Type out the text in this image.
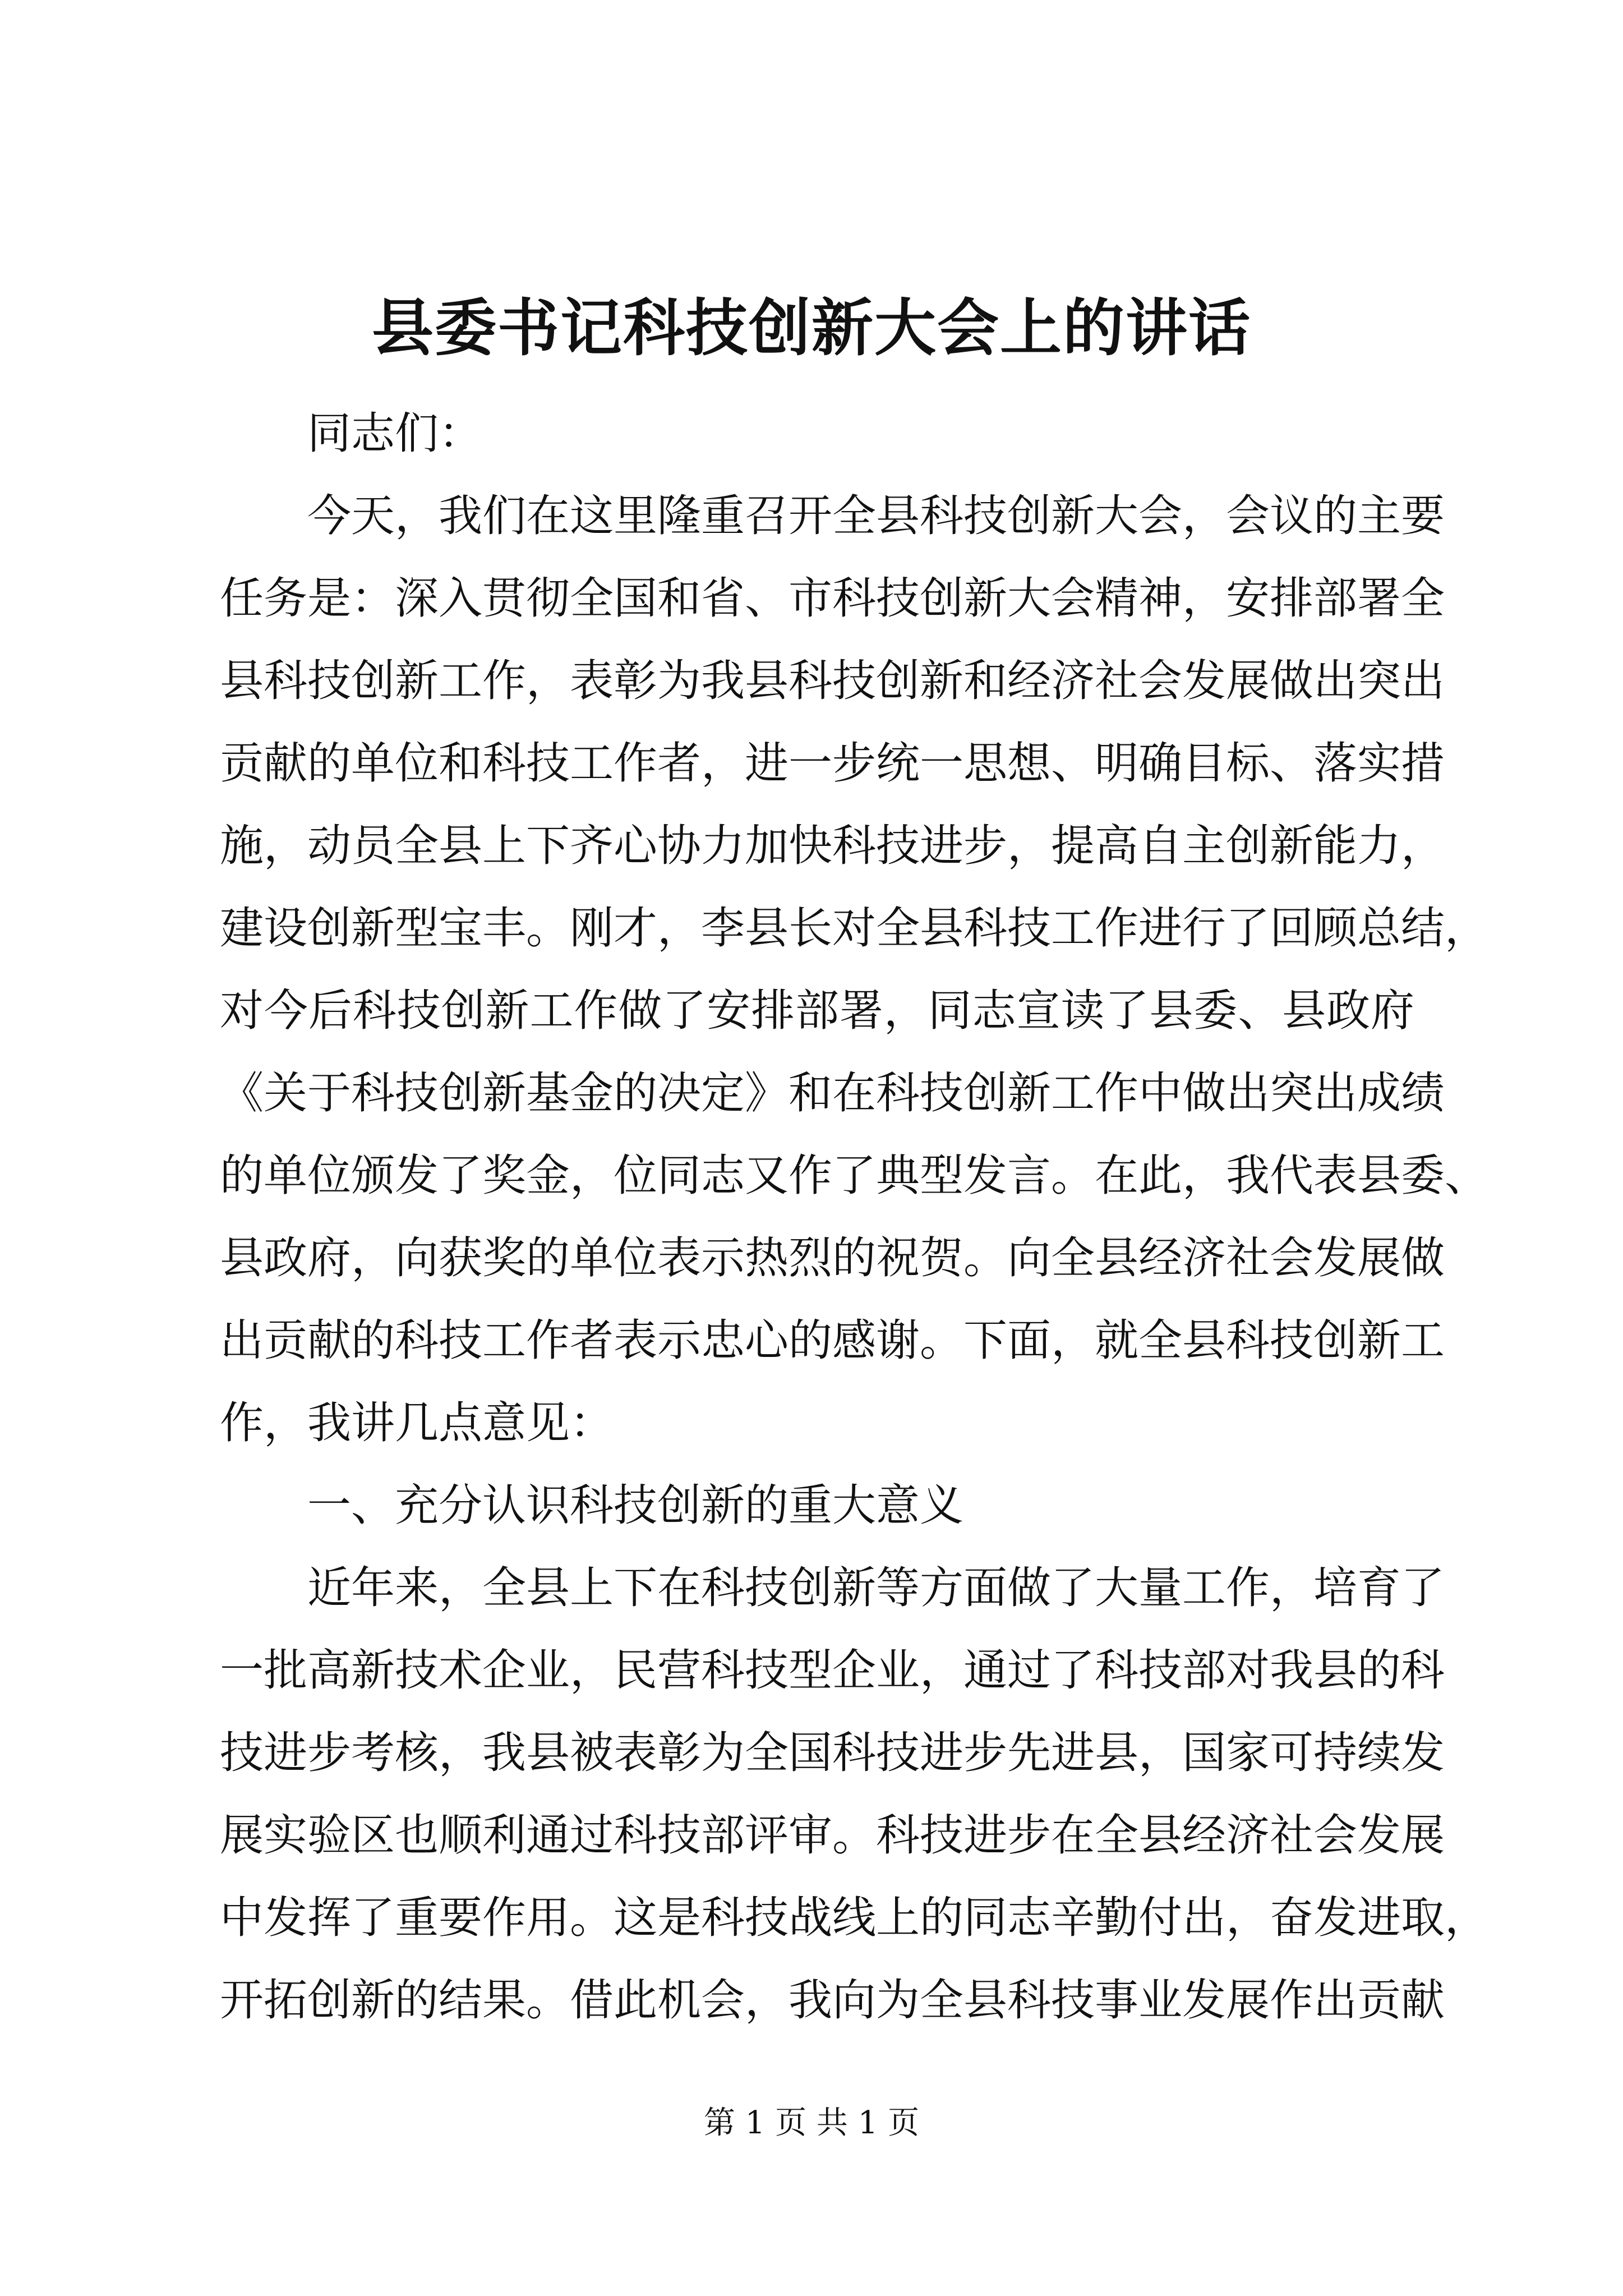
县委书记科技创新大会上的讲话
同志们：
今天，我们在这里隆重召开全县科技创新大会，会议的主要
任务是：深入贯彻全国和省、市科技创新大会精神，安排部署全
县科技创新工作，表彰为我县科技创新和经济社会发展做出突出
贡献的单位和科技工作者，进一步统一思想、明确目标、落实措
施，动员全县上下齐心协力加快科技进步，提高自主创新能力，
建设创新型宝丰。刚才，李县长对全县科技工作进行了回顾总结，
对今后科技创新工作做了安排部署，同志宣读了县委、县政府
《关于科技创新基金的决定》和在科技创新工作中做出突出成绩
的单位颁发了奖金，位同志又作了典型发言。在此，我代表县委、
县政府，向获奖的单位表示热烈的祝贺。向全县经济社会发展做
出贡献的科技工作者表示忠心的感谢。下面，就全县科技创新工
作，我讲几点意见：
一、充分认识科技创新的重大意义
近年来，全县上下在科技创新等方面做了大量工作，培育了
一批高新技术企业，民营科技型企业，通过了科技部对我县的科
技进步考核，我县被表彰为全国科技进步先进县，国家可持续发
展实验区也顺利通过科技部评审。科技进步在全县经济社会发展
中发挥了重要作用。这是科技战线上的同志辛勤付出，奋发进取，
开拓创新的结果。借此机会，我向为全县科技事业发展作出贡献
第 1 页 共 1 页
